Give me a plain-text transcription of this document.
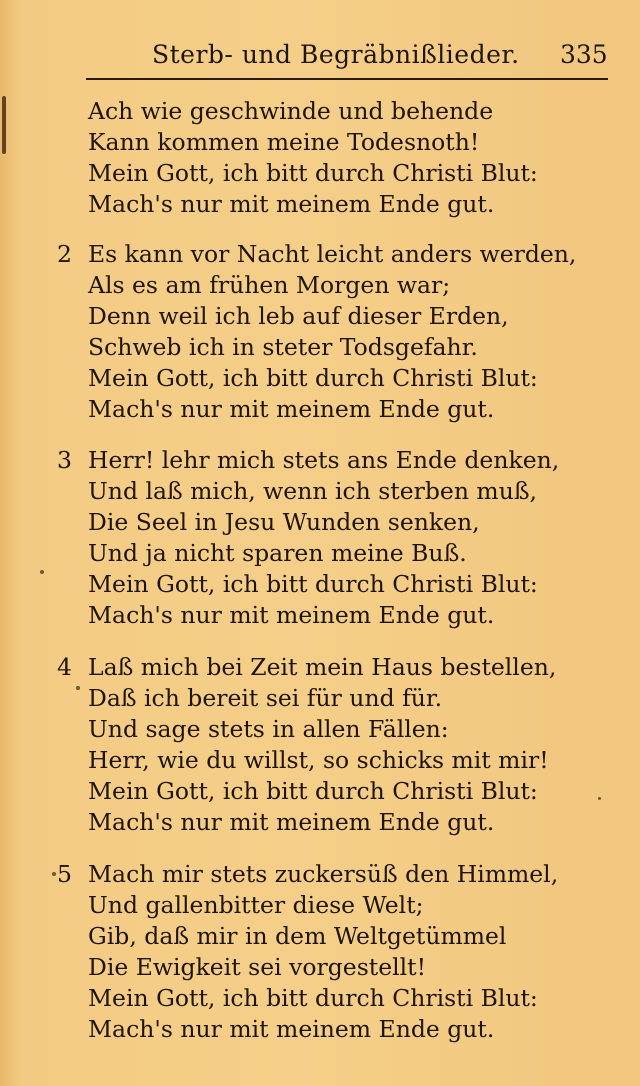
Sterb- und Begräbnißlieder. 335
Ach wie geschwinde und behende
Kann kommen meine Todesnoth!
Mein Gott, ich bitt durch Christi Blut:
Mach's nur mit meinem Ende gut.
2 Es kann vor Nacht leicht anders werden,
Als es am frühen Morgen war;
Denn weil ich leb auf dieser Erden,
Schweb ich in steter Todsgefahr.
Mein Gott, ich bitt durch Christi Blut:
Mach's nur mit meinem Ende gut.
3 Herr! lehr mich stets ans Ende denken,
Und laß mich, wenn ich sterben muß,
Die Seel in Jesu Wunden senken,
Und ja nicht sparen meine Buß.
Mein Gott, ich bitt durch Christi Blut:
Mach's nur mit meinem Ende gut.
4 Laß mich bei Zeit mein Haus bestellen,
Daß ich bereit sei für und für.
Und sage stets in allen Fällen:
Herr, wie du willst, so schicks mit mir!
Mein Gott, ich bitt durch Christi Blut:
Mach's nur mit meinem Ende gut.
5 Mach mir stets zuckersüß den Himmel,
Und gallenbitter diese Welt;
Gib, daß mir in dem Weltgetümmel
Die Ewigkeit sei vorgestellt!
Mein Gott, ich bitt durch Christi Blut:
Mach's nur mit meinem Ende gut.
